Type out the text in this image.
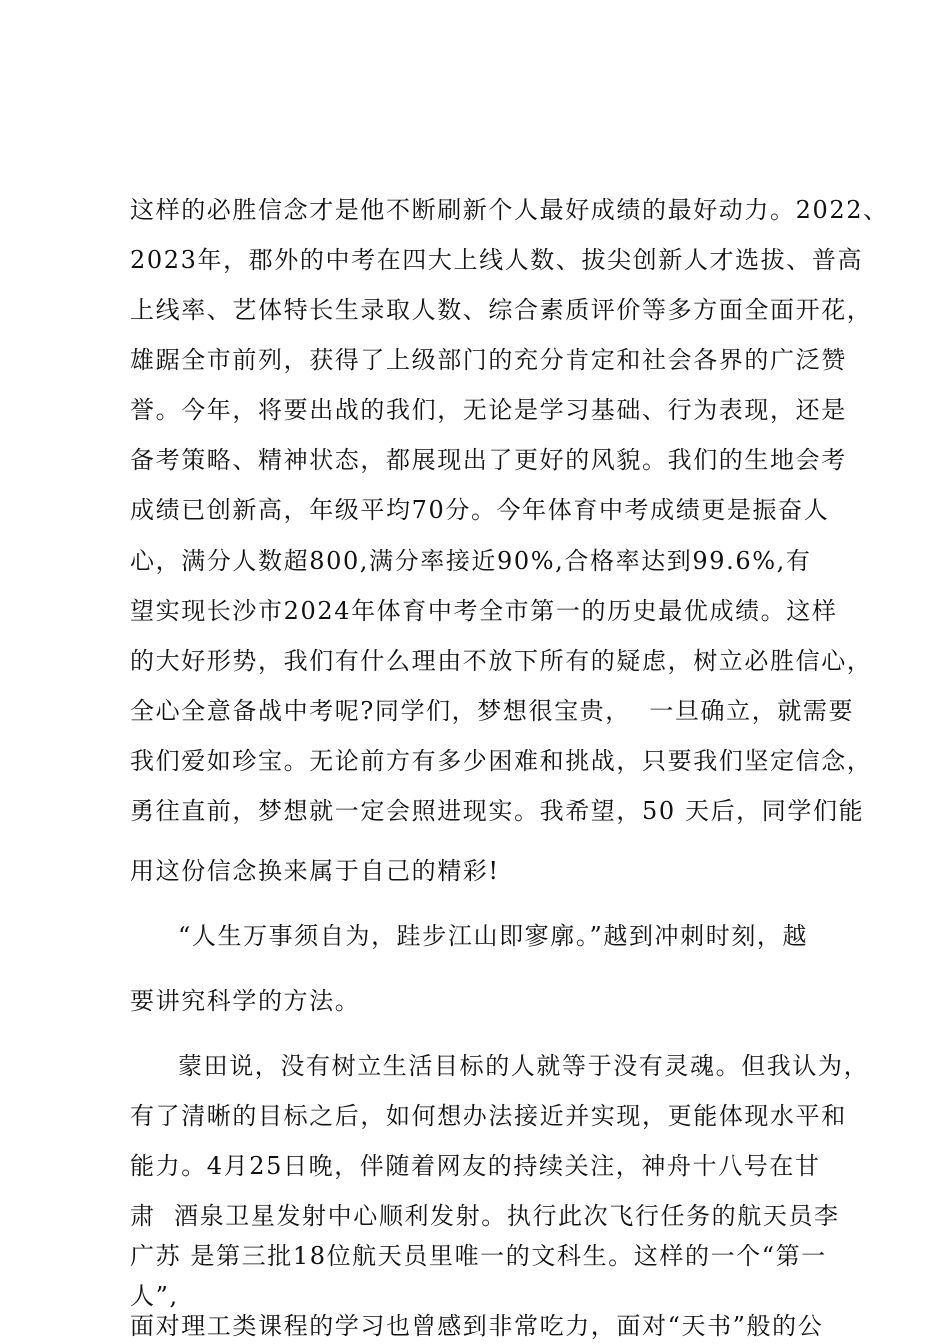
这样的必胜信念才是他不断刷新个人最好成绩的最好动力。2022、
2023年，郡外的中考在四大上线人数、拔尖创新人才选拔、普高
上线率、艺体特长生录取人数、综合素质评价等多方面全面开花，
雄踞全市前列，获得了上级部门的充分肯定和社会各界的广泛赞
誉。今年，将要出战的我们，无论是学习基础、行为表现，还是
备考策略、精神状态，都展现出了更好的风貌。我们的生地会考
成绩已创新高，年级平均70分。今年体育中考成绩更是振奋人
心，满分人数超800,满分率接近90%,合格率达到99.6%,有
望实现长沙市2024年体育中考全市第一的历史最优成绩。这样
的大好形势，我们有什么理由不放下所有的疑虑，树立必胜信心，
全心全意备战中考呢?同学们，梦想很宝贵，  一旦确立，就需要
我们爱如珍宝。无论前方有多少困难和挑战，只要我们坚定信念，
勇往直前，梦想就一定会照进现实。我希望，50 天后，同学们能
用这份信念换来属于自己的精彩!
“人生万事须自为，跬步江山即寥廓。”越到冲刺时刻，越
要讲究科学的方法。
蒙田说，没有树立生活目标的人就等于没有灵魂。但我认为，
有了清晰的目标之后，如何想办法接近并实现，更能体现水平和
能力。4月25日晚，伴随着网友的持续关注，神舟十八号在甘
肃  酒泉卫星发射中心顺利发射。执行此次飞行任务的航天员李
广苏 是第三批18位航天员里唯一的文科生。这样的一个“第一
人”,
面对理工类课程的学习也曾感到非常吃力，面对“天书”般的公
